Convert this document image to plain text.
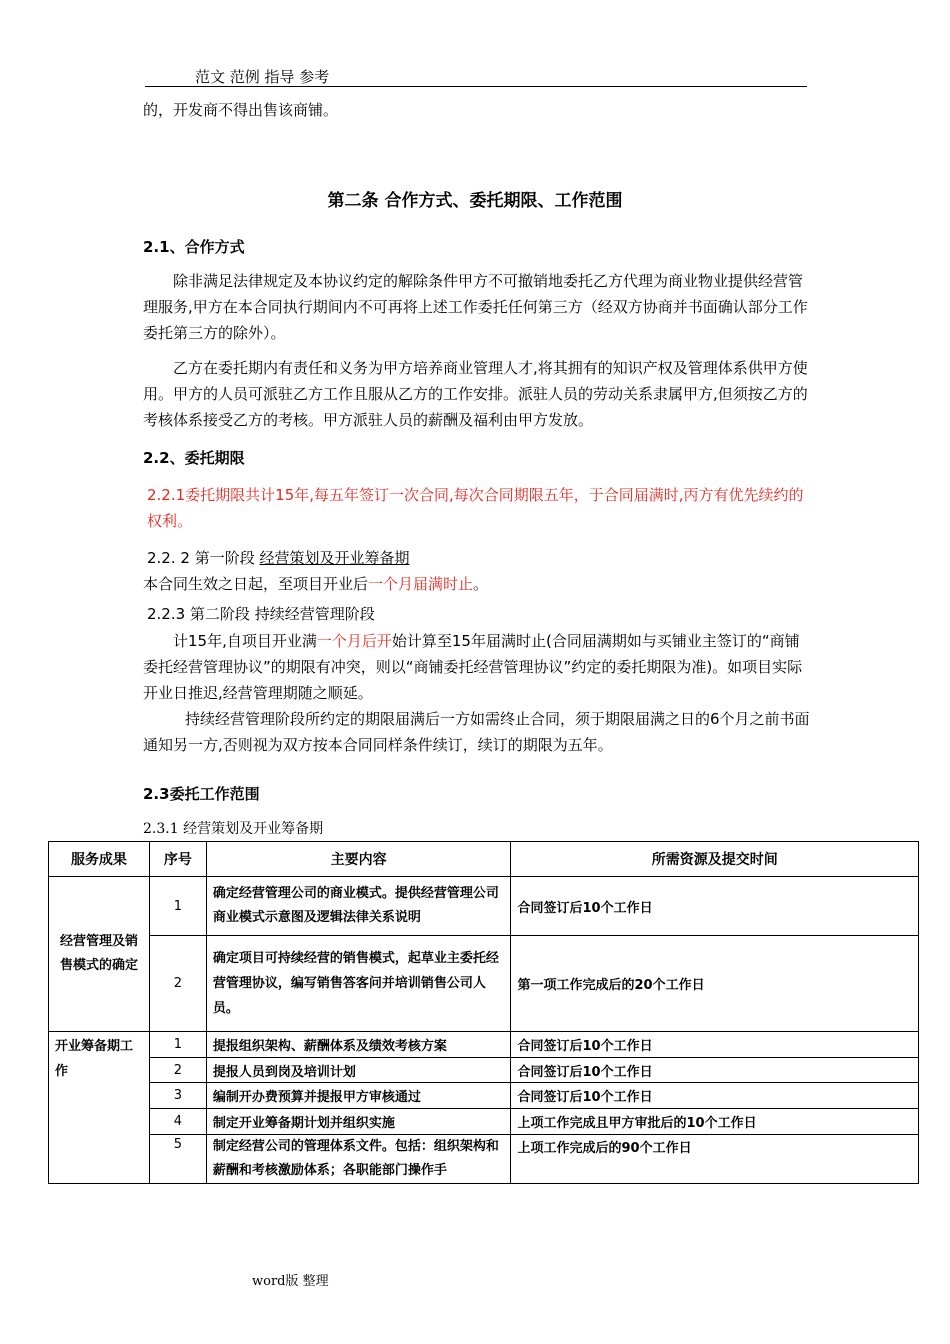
范文 范例 指导 参考
的，开发商不得出售该商铺。
第二条 合作方式、委托期限、工作范围
2.1、合作方式
除非满足法律规定及本协议约定的解除条件甲方不可撤销地委托乙方代理为商业物业提供经营管理服务,甲方在本合同执行期间内不可再将上述工作委托任何第三方（经双方协商并书面确认部分工作委托第三方的除外）。
乙方在委托期内有责任和义务为甲方培养商业管理人才,将其拥有的知识产权及管理体系供甲方使用。甲方的人员可派驻乙方工作且服从乙方的工作安排。派驻人员的劳动关系隶属甲方,但须按乙方的考核体系接受乙方的考核。甲方派驻人员的薪酬及福利由甲方发放。
2.2、委托期限
2.2.1委托期限共计15年,每五年签订一次合同,每次合同期限五年，于合同届满时,丙方有优先续约的权利。
2.2. 2 第一阶段 经营策划及开业筹备期
本合同生效之日起，至项目开业后一个月届满时止。
2.2.3 第二阶段 持续经营管理阶段
计15年,自项目开业满一个月后开始计算至15年届满时止(合同届满期如与买铺业主签订的“商铺委托经营管理协议”的期限有冲突，则以“商铺委托经营管理协议”约定的委托期限为准)。如项目实际开业日推迟,经营管理期随之顺延。
持续经营管理阶段所约定的期限届满后一方如需终止合同，须于期限届满之日的6个月之前书面通知另一方,否则视为双方按本合同同样条件续订，续订的期限为五年。
2.3委托工作范围
2.3.1 经营策划及开业筹备期
服务成果	序号	主要内容	所需资源及提交时间
经营管理及销售模式的确定	1	确定经营管理公司的商业模式。提供经营管理公司商业模式示意图及逻辑法律关系说明	合同签订后10个工作日
	2	确定项目可持续经营的销售模式，起草业主委托经营管理协议，编写销售答客问并培训销售公司人员。	第一项工作完成后的20个工作日
开业筹备期工作	1	提报组织架构、薪酬体系及绩效考核方案	合同签订后10个工作日
	2	提报人员到岗及培训计划	合同签订后10个工作日
	3	编制开办费预算并提报甲方审核通过	合同签订后10个工作日
	4	制定开业筹备期计划并组织实施	上项工作完成且甲方审批后的10个工作日
	5	制定经营公司的管理体系文件。包括：组织架构和薪酬和考核激励体系；各职能部门操作手	上项工作完成后的90个工作日
word版 整理
